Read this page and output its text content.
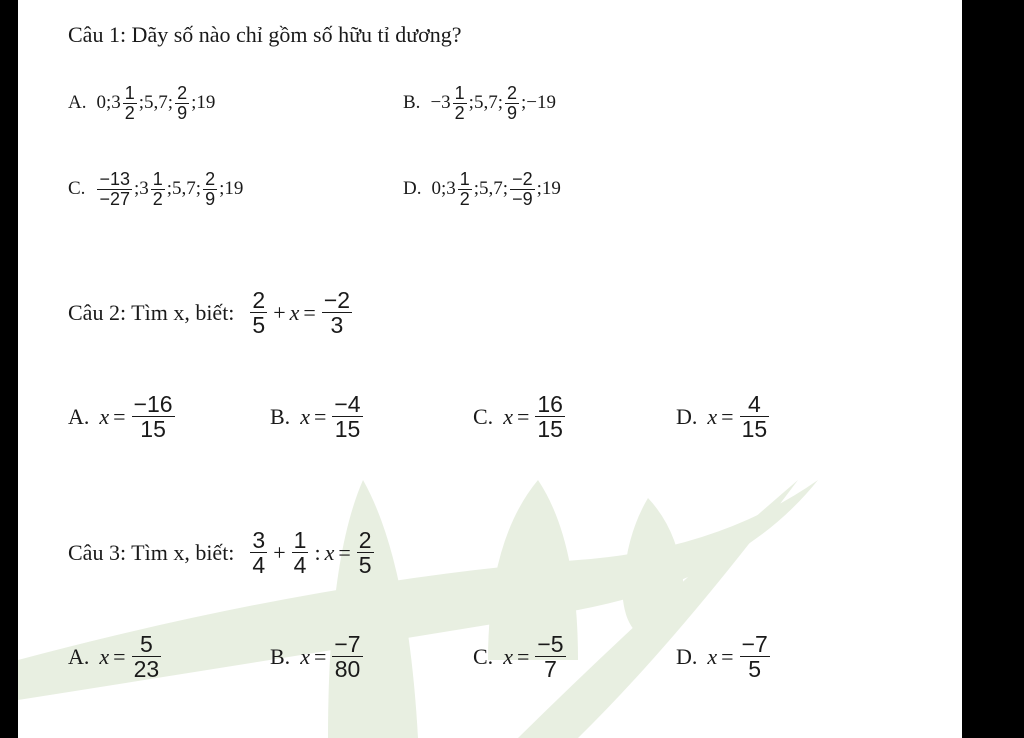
Câu 1: Dãy số nào chỉ gồm số hữu tỉ dương?
A. 0;3 1
2 ;5,7; 2
9 ;19	B. −3 1
2 ;5,7; 2
9 ;−19
C. −13
−27 ;3 1
2 ;5,7; 2
9 ;19	D. 0;3 1
2 ;5,7; −2
−9 ;19
Câu 2: Tìm x, biết: 2
5 + x = −2
3
A. x = −16
15	B. x = −4
15	C. x = 16
15	D. x = 4
15
Câu 3: Tìm x, biết: 3
4 + 1
4 : x = 2
5
A. x = 5
23	B. x = −7
80	C. x = −5
7	D. x = −7
5
